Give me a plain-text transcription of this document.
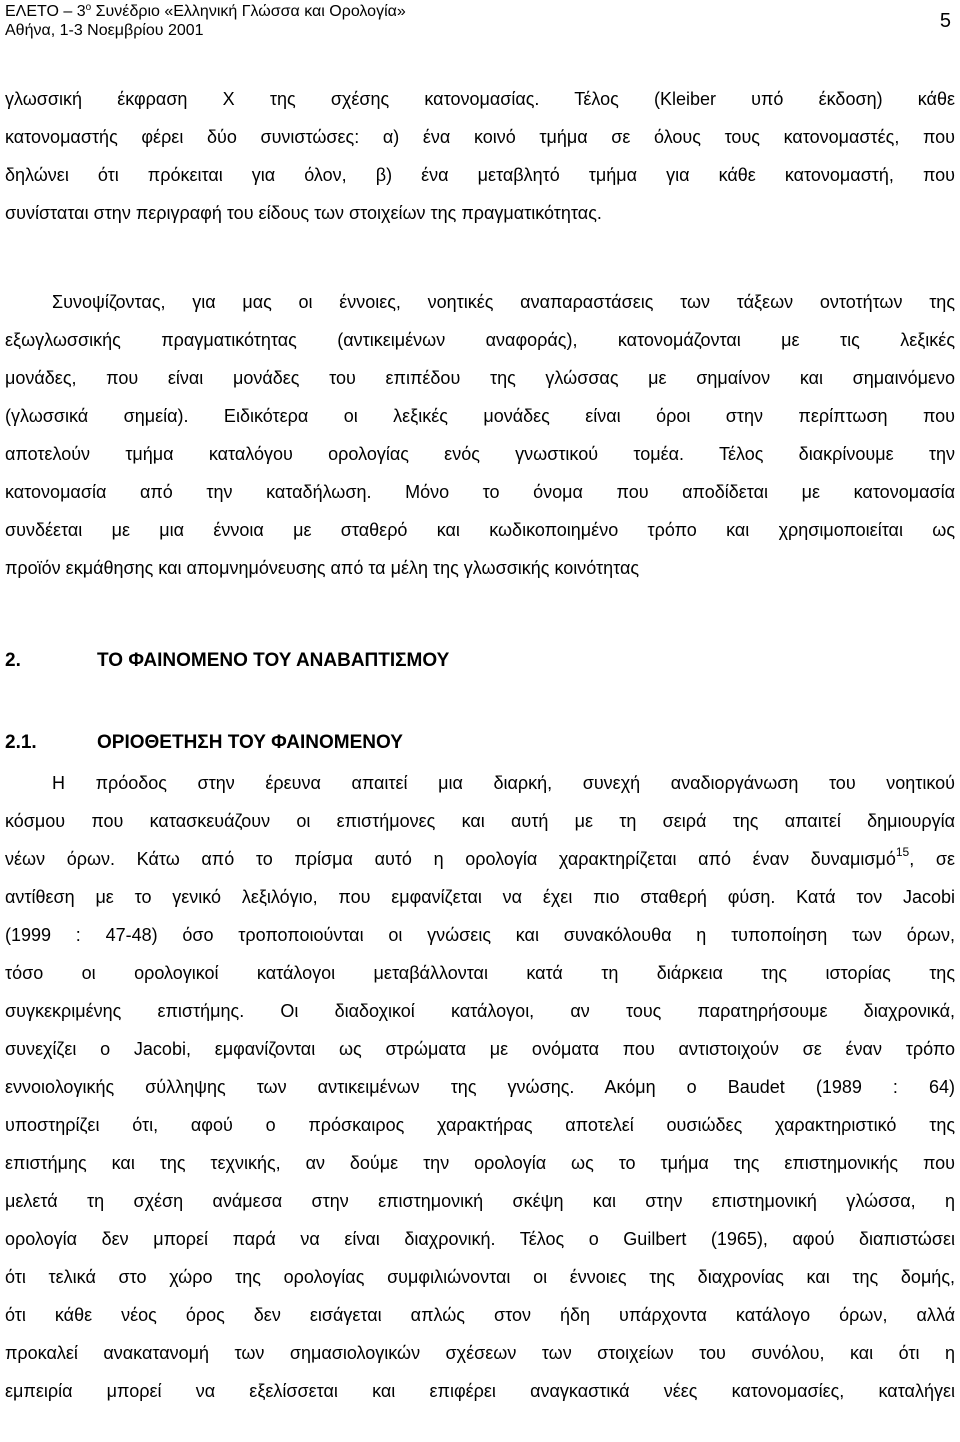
ΕΛΕΤΟ – $3^o$ Συνέδριο «Ελληνική Γλώσσα και Ορολογία»
Αθήνα, 1-3 Νοεμβρίου 2001	5
γλωσσική έκφραση Χ της σχέσης κατονομασίας. Τέλος (Kleiber υπό έκδοση) κάθε
κατονομαστής φέρει δύο συνιστώσες: α) ένα κοινό τμήμα σε όλους τους κατονομαστές, που
δηλώνει ότι πρόκειται για όλον, β) ένα μεταβλητό τμήμα για κάθε κατονομαστή, που
συνίσταται στην περιγραφή του είδους των στοιχείων της πραγματικότητας.
Συνοψίζοντας, για μας οι έννοιες, νοητικές αναπαραστάσεις των τάξεων οντοτήτων της
εξωγλωσσικής πραγματικότητας (αντικειμένων αναφοράς), κατονομάζονται με τις λεξικές
μονάδες, που είναι μονάδες του επιπέδου της γλώσσας με σημαίνον και σημαινόμενο
(γλωσσικά σημεία). Ειδικότερα οι λεξικές μονάδες είναι όροι στην περίπτωση που
αποτελούν τμήμα καταλόγου ορολογίας ενός γνωστικού τομέα. Τέλος διακρίνουμε την
κατονομασία από την καταδήλωση. Μόνο το όνομα που αποδίδεται με κατονομασία
συνδέεται με μια έννοια με σταθερό και κωδικοποιημένο τρόπο και χρησιμοποιείται ως
προϊόν εκμάθησης και απομνημόνευσης από τα μέλη της γλωσσικής κοινότητας
2.	ΤΟ ΦΑΙΝΟΜΕΝΟ ΤΟΥ ΑΝΑΒΑΠΤΙΣΜΟΥ
2.1.	ΟΡΙΟΘΕΤΗΣΗ ΤΟΥ ΦΑΙΝΟΜΕΝΟΥ
Η πρόοδος στην έρευνα απαιτεί μια διαρκή, συνεχή αναδιοργάνωση του νοητικού
κόσμου που κατασκευάζουν οι επιστήμονες και αυτή με τη σειρά της απαιτεί δημιουργία
νέων όρων. Κάτω από το πρίσμα αυτό η ορολογία χαρακτηρίζεται από έναν δυναμισμό$^{15}$, σε
αντίθεση με το γενικό λεξιλόγιο, που εμφανίζεται να έχει πιο σταθερή φύση. Κατά τον Jacobi
(1999 : 47-48) όσο τροποποιούνται οι γνώσεις και συνακόλουθα η τυποποίηση των όρων,
τόσο οι ορολογικοί κατάλογοι μεταβάλλονται κατά τη διάρκεια της ιστορίας της
συγκεκριμένης επιστήμης. Οι διαδοχικοί κατάλογοι, αν τους παρατηρήσουμε διαχρονικά,
συνεχίζει ο Jacobi, εμφανίζονται ως στρώματα με ονόματα που αντιστοιχούν σε έναν τρόπο
εννοιολογικής σύλληψης των αντικειμένων της γνώσης. Ακόμη ο Baudet (1989 : 64)
υποστηρίζει ότι, αφού ο πρόσκαιρος χαρακτήρας αποτελεί ουσιώδες χαρακτηριστικό της
επιστήμης και της τεχνικής, αν δούμε την ορολογία ως το τμήμα της επιστημονικής που
μελετά τη σχέση ανάμεσα στην επιστημονική σκέψη και στην επιστημονική γλώσσα, η
ορολογία δεν μπορεί παρά να είναι διαχρονική. Τέλος ο Guilbert (1965), αφού διαπιστώσει
ότι τελικά στο χώρο της ορολογίας συμφιλιώνονται οι έννοιες της διαχρονίας και της δομής,
ότι κάθε νέος όρος δεν εισάγεται απλώς στον ήδη υπάρχοντα κατάλογο όρων, αλλά
προκαλεί ανακατανομή των σημασιολογικών σχέσεων των στοιχείων του συνόλου, και ότι η
εμπειρία μπορεί να εξελίσσεται και επιφέρει αναγκαστικά νέες κατονομασίες, καταλήγει
